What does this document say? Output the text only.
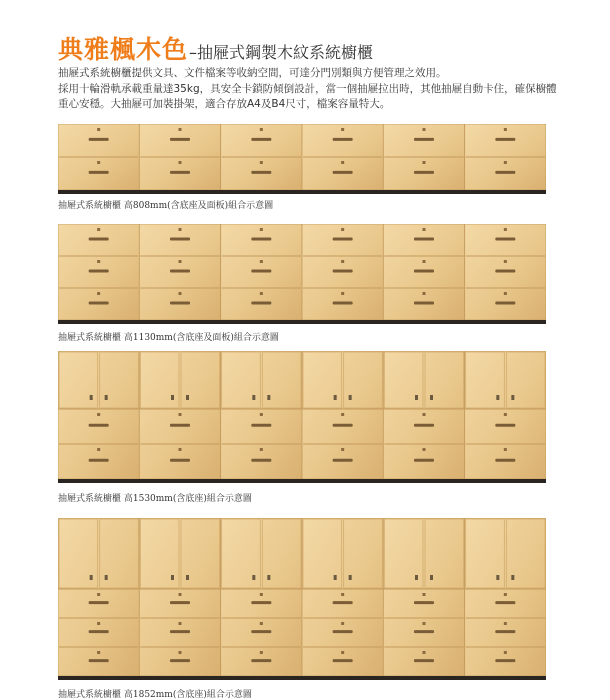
典雅楓木色–抽屜式鋼製木紋系統櫥櫃

抽屜式系統櫥櫃提供文具、文件檔案等收納空間，可達分門別類與方便管理之效用。

採用十輪滑軌承載重量達35kg，具安全卡鎖防傾倒設計，當一個抽屜拉出時，其他抽屜自動卡住，確保櫥體重心安穩。大抽屜可加裝掛架，適合存放A4及B4尺寸，檔案容量特大。

抽屜式系統櫥櫃 高808mm(含底座及面板)組合示意圖
抽屜式系統櫥櫃 高1130mm(含底座及面板)組合示意圖
抽屜式系統櫥櫃 高1530mm(含底座)組合示意圖
抽屜式系統櫥櫃 高1852mm(含底座)組合示意圖
